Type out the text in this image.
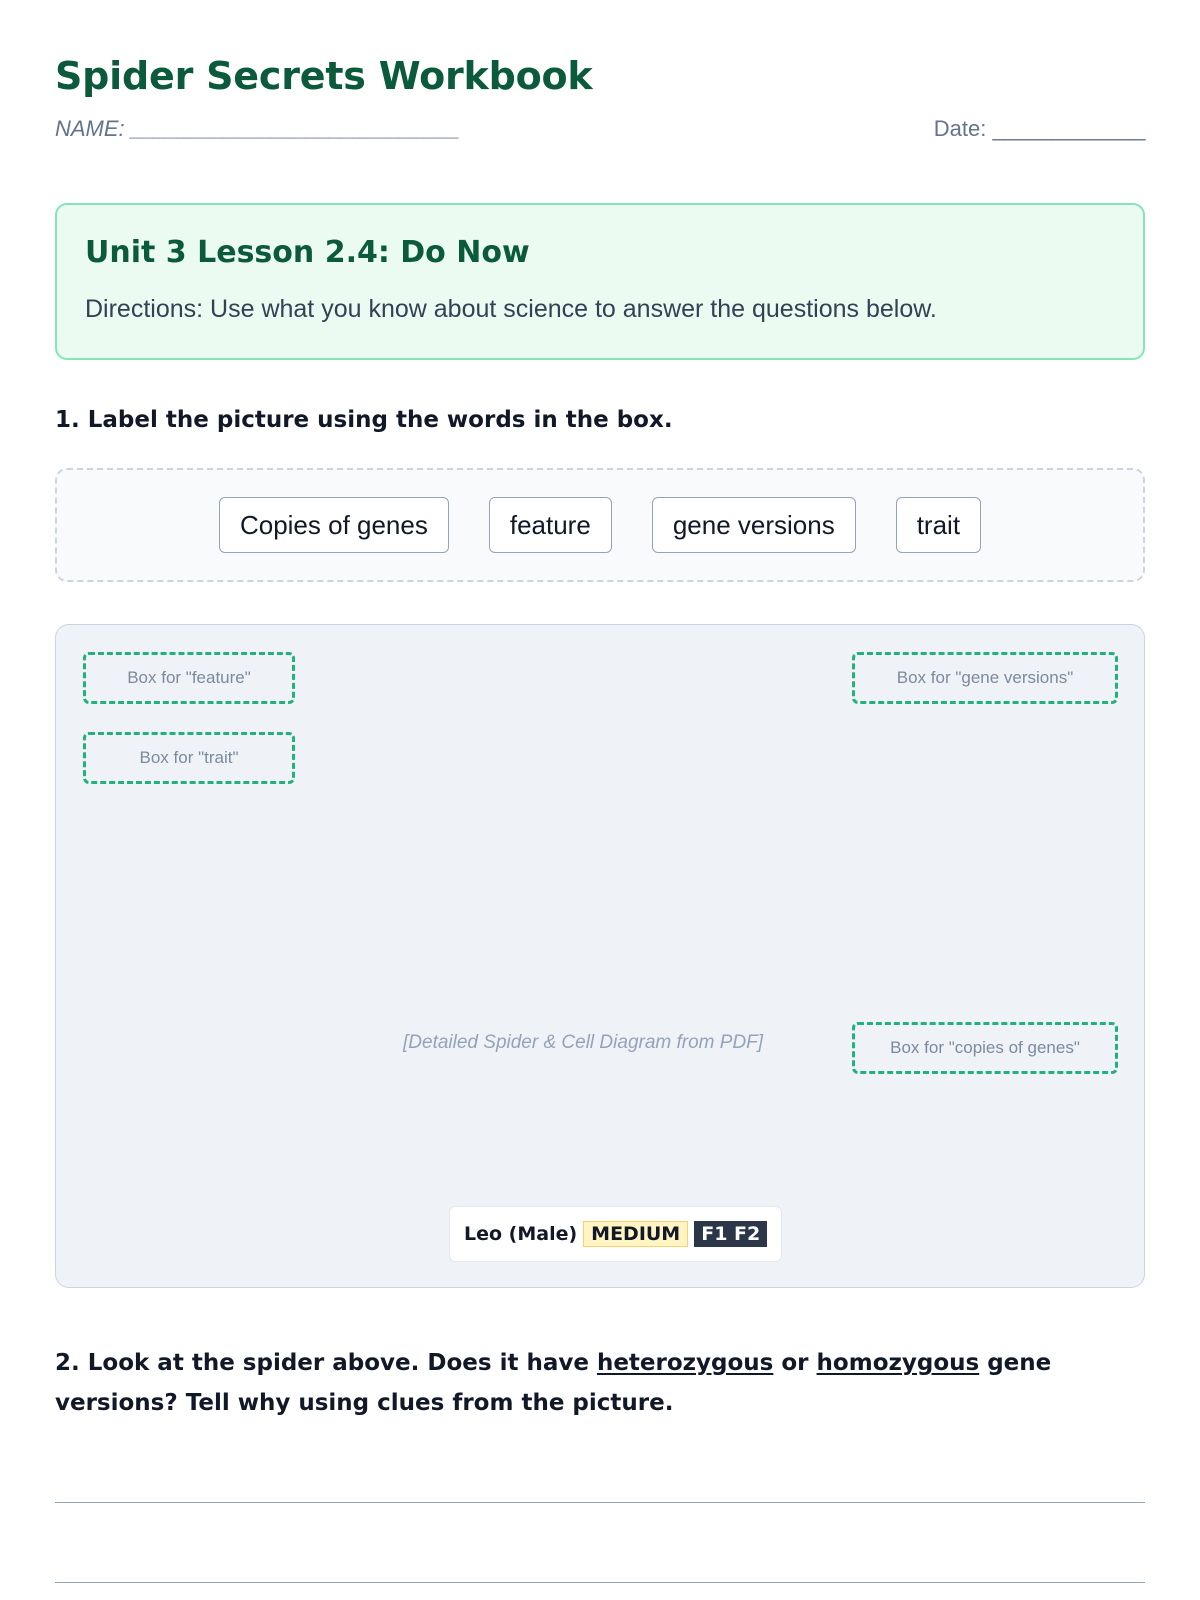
Spider Secrets Workbook
NAME: ____________________________	Date: _____________
Unit 3 Lesson 2.4: Do Now

Directions: Use what you know about science to answer the questions below.

1. Label the picture using the words in the box.

Copies of genes	feature	gene versions	trait
Box for "feature"
Box for "trait"
Box for "gene versions"
Box for "copies of genes"
[Detailed Spider & Cell Diagram from PDF]
Leo (Male) MEDIUM	F1 F2

2. Look at the spider above. Does it have heterozygous or homozygous gene versions? Tell why using clues from the picture.
